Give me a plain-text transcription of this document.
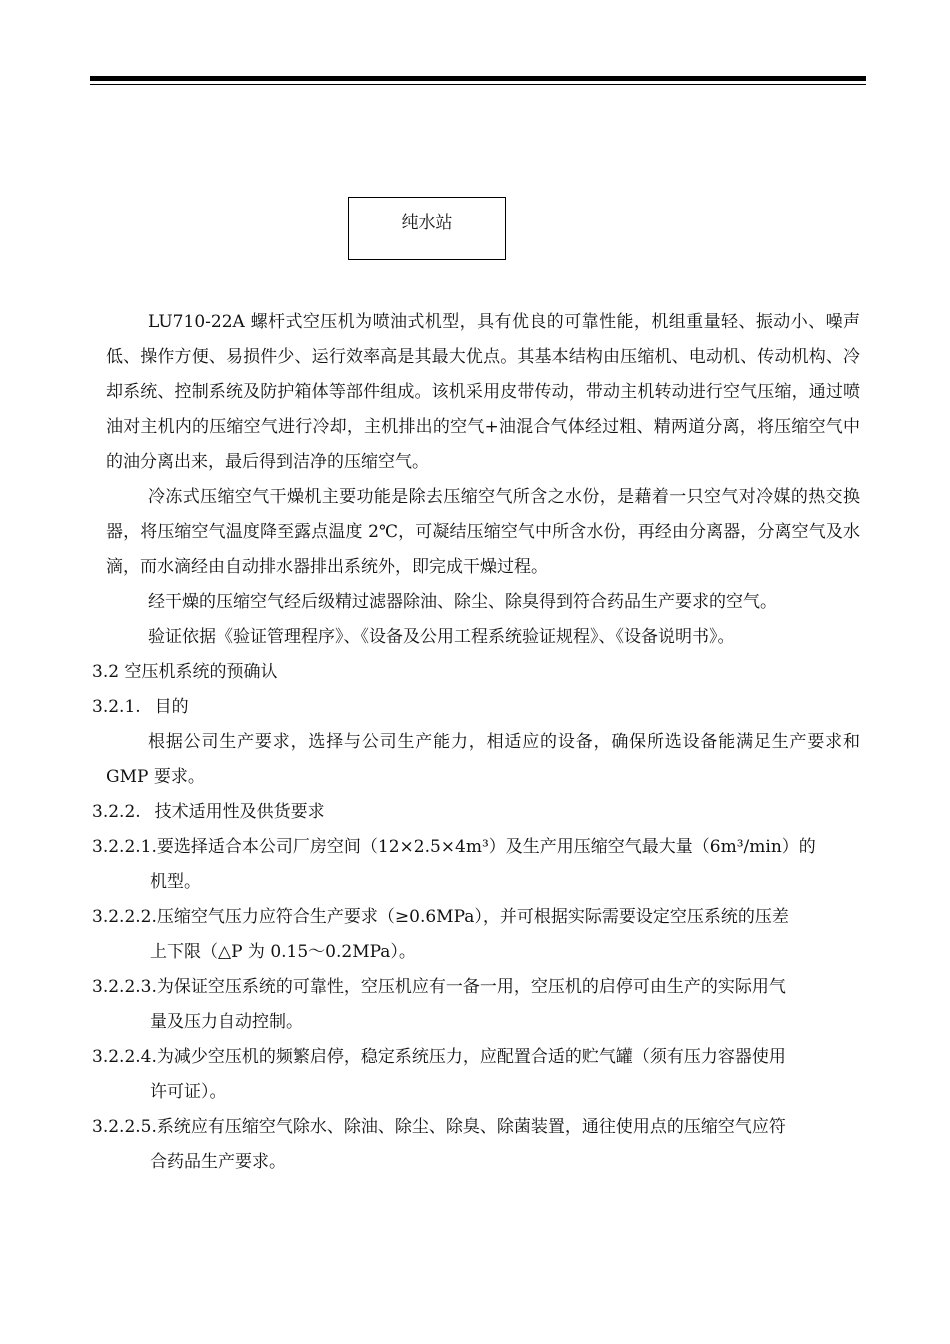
纯水站

LU710-22A 螺杆式空压机为喷油式机型，具有优良的可靠性能，机组重量轻、振动小、噪声低、操作方便、易损件少、运行效率高是其最大优点。其基本结构由压缩机、电动机、传动机构、冷却系统、控制系统及防护箱体等部件组成。该机采用皮带传动，带动主机转动进行空气压缩，通过喷油对主机内的压缩空气进行冷却，主机排出的空气+油混合气体经过粗、精两道分离，将压缩空气中的油分离出来，最后得到洁净的压缩空气。

冷冻式压缩空气干燥机主要功能是除去压缩空气所含之水份，是藉着一只空气对冷媒的热交换器，将压缩空气温度降至露点温度 2℃，可凝结压缩空气中所含水份，再经由分离器，分离空气及水滴，而水滴经由自动排水器排出系统外，即完成干燥过程。

经干燥的压缩空气经后级精过滤器除油、除尘、除臭得到符合药品生产要求的空气。

验证依据《验证管理程序》、《设备及公用工程系统验证规程》、《设备说明书》。

3.2 空压机系统的预确认

3.2.1. 目的

根据公司生产要求，选择与公司生产能力，相适应的设备，确保所选设备能满足生产要求和 GMP 要求。

3.2.2. 技术适用性及供货要求
3.2.2.1. 要选择适合本公司厂房空间（12×2.5×4m³）及生产用压缩空气最大量（6m³/min）的

机型。

3.2.2.2. 压缩空气压力应符合生产要求（≥0.6MPa），并可根据实际需要设定空压系统的压差

上下限（△P 为 0.15～0.2MPa）。

3.2.2.3. 为保证空压系统的可靠性，空压机应有一备一用，空压机的启停可由生产的实际用气

量及压力自动控制。

3.2.2.4. 为减少空压机的频繁启停，稳定系统压力，应配置合适的贮气罐（须有压力容器使用

许可证）。

3.2.2.5. 系统应有压缩空气除水、除油、除尘、除臭、除菌装置，通往使用点的压缩空气应符

合药品生产要求。
